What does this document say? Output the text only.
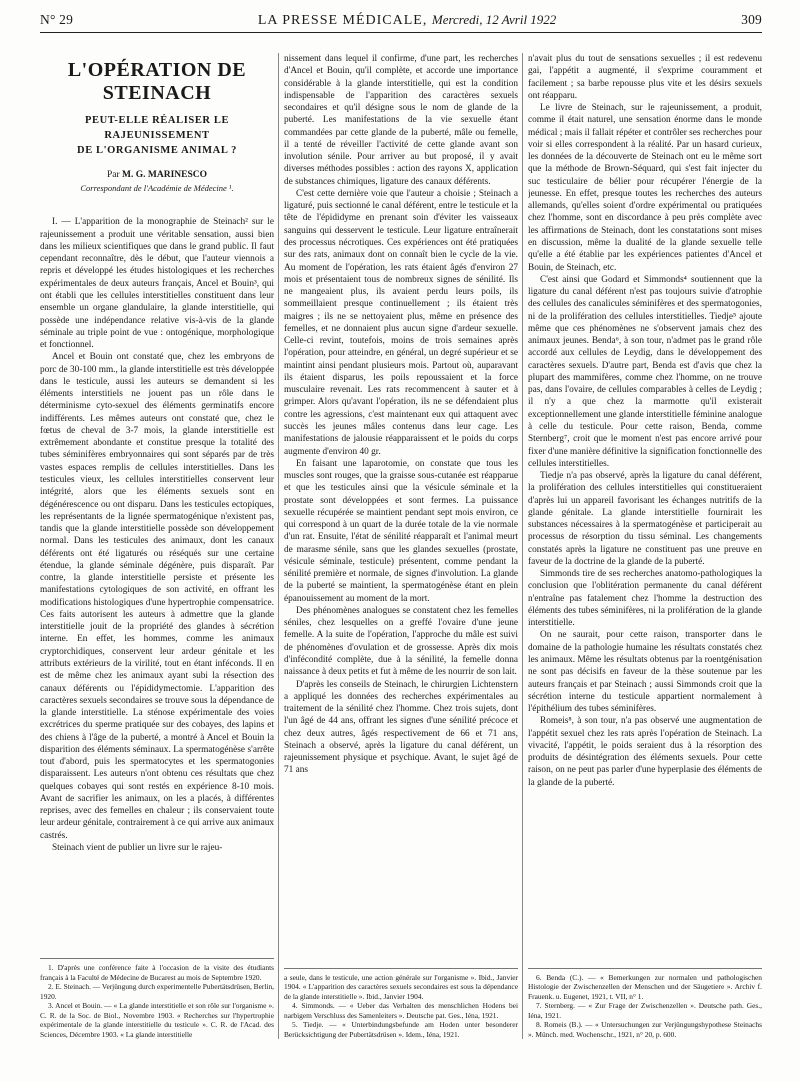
N° 29	LA PRESSE MÉDICALE, Mercredi, 12 Avril 1922	309
L'OPÉRATION DE STEINACH
PEUT-ELLE RÉALISER LE RAJEUNISSEMENT
DE L'ORGANISME ANIMAL ?
Par M. G. MARINESCO
Correspondant de l'Académie de Médecine ¹.

I. — L'apparition de la monographie de Steinach² sur le rajeunissement a produit une véritable sensation, aussi bien dans les milieux scientifiques que dans le grand public. Il faut cependant reconnaître, dès le début, que l'auteur viennois a repris et développé les études histologiques et les recherches expérimentales de deux auteurs français, Ancel et Bouin³, qui ont établi que les cellules interstitielles constituent dans leur ensemble un organe glandulaire, la glande interstitielle, qui possède une indépendance relative vis-à-vis de la glande séminale au triple point de vue : ontogénique, morphologique et fonctionnel.

Ancel et Bouin ont constaté que, chez les embryons de porc de 30-100 mm., la glande interstitielle est très développée dans le testicule, aussi les auteurs se demandent si les éléments interstitiels ne jouent pas un rôle dans le déterminisme cyto-sexuel des éléments germinatifs encore indifférents. Les mêmes auteurs ont constaté que, chez le fœtus de cheval de 3-7 mois, la glande interstitielle est extrêmement abondante et constitue presque la totalité des tubes séminifères embryonnaires qui sont séparés par de très vastes espaces remplis de cellules interstitielles. Dans les testicules vieux, les cellules interstitielles conservent leur intégrité, alors que les éléments sexuels sont en dégénérescence ou ont disparu. Dans les testicules ectopiques, les représentants de la lignée spermatogénique n'existent pas, tandis que la glande interstitielle possède son développement normal. Dans les testicules des animaux, dont les canaux déférents ont été ligaturés ou réséqués sur une certaine étendue, la glande séminale dégénère, puis disparaît. Par contre, la glande interstitielle persiste et présente les manifestations cytologiques de son activité, en offrant les modifications histologiques d'une hypertrophie compensatrice. Ces faits autorisent les auteurs à admettre que la glande interstitielle jouit de la propriété des glandes à sécrétion interne. En effet, les hommes, comme les animaux cryptorchidiques, conservent leur ardeur génitale et les attributs extérieurs de la virilité, tout en étant inféconds. Il en est de même chez les animaux ayant subi la résection des canaux déférents ou l'épididymectomie. L'apparition des caractères sexuels secondaires se trouve sous la dépendance de la glande interstitielle. La sténose expérimentale des voies excrétrices du sperme pratiquée sur des cobayes, des lapins et des chiens à l'âge de la puberté, a montré à Ancel et Bouin la disparition des éléments séminaux. La spermatogénèse s'arrête tout d'abord, puis les spermatocytes et les spermatogonies disparaissent. Les auteurs n'ont obtenu ces résultats que chez quelques cobayes qui sont restés en expérience 8-10 mois. Avant de sacrifier les animaux, on les a placés, à différentes reprises, avec des femelles en chaleur ; ils conservaient toute leur ardeur génitale, contrairement à ce qui arrive aux animaux castrés.

Steinach vient de publier un livre sur le rajeu-

1. D'après une conférence faite à l'occasion de la visite des étudiants français à la Faculté de Médecine de Bucarest au mois de Septembre 1920.

2. E. Steinach. — Verjüngung durch experimentelle Pubertätsdrüsen, Berlin, 1920.

3. Ancel et Bouin. — « La glande interstitielle et son rôle sur l'organisme ». C. R. de la Soc. de Biol., Novembre 1903. « Recherches sur l'hypertrophie expérimentale de la glande interstitielle du testicule ». C. R. de l'Acad. des Sciences, Décembre 1903. « La glande interstitielle

nissement dans lequel il confirme, d'une part, les recherches d'Ancel et Bouin, qu'il complète, et accorde une importance considérable à la glande interstitielle, qui est la condition indispensable de l'apparition des caractères sexuels secondaires et qu'il désigne sous le nom de glande de la puberté. Les manifestations de la vie sexuelle étant commandées par cette glande de la puberté, mâle ou femelle, il a tenté de réveiller l'activité de cette glande avant son involution sénile. Pour arriver au but proposé, il y avait diverses méthodes possibles : action des rayons X, application de substances chimiques, ligature des canaux déférents.

C'est cette dernière voie que l'auteur a choisie ; Steinach a ligaturé, puis sectionné le canal déférent, entre le testicule et la tête de l'épididyme en prenant soin d'éviter les vaisseaux sanguins qui desservent le testicule. Leur ligature entraînerait des processus nécrotiques. Ces expériences ont été pratiquées sur des rats, animaux dont on connaît bien le cycle de la vie. Au moment de l'opération, les rats étaient âgés d'environ 27 mois et présentaient tous de nombreux signes de sénilité. Ils ne mangeaient plus, ils avaient perdu leurs poils, ils sommeillaient presque continuellement ; ils étaient très maigres ; ils ne se nettoyaient plus, même en présence des femelles, et ne donnaient plus aucun signe d'ardeur sexuelle. Celle-ci revint, toutefois, moins de trois semaines après l'opération, pour atteindre, en général, un degré supérieur et se maintint ainsi pendant plusieurs mois. Partout où, auparavant ils étaient disparus, les poils repoussaient et la force musculaire revenait. Les rats recommencent à sauter et à grimper. Alors qu'avant l'opération, ils ne se défendaient plus contre les agressions, c'est maintenant eux qui attaquent avec succès les jeunes mâles contenus dans leur cage. Les manifestations de jalousie réapparaissent et le poids du corps augmente d'environ 40 gr.

En faisant une laparotomie, on constate que tous les muscles sont rouges, que la graisse sous-cutanée est réapparue et que les testicules ainsi que la vésicule séminale et la prostate sont développées et sont fermes. La puissance sexuelle récupérée se maintient pendant sept mois environ, ce qui correspond à un quart de la durée totale de la vie normale d'un rat. Ensuite, l'état de sénilité réapparaît et l'animal meurt de marasme sénile, sans que les glandes sexuelles (prostate, vésicule séminale, testicule) présentent, comme pendant la sénilité première et normale, de signes d'involution. La glande de la puberté se maintient, la spermatogénèse étant en plein épanouissement au moment de la mort.

Des phénomènes analogues se constatent chez les femelles séniles, chez lesquelles on a greffé l'ovaire d'une jeune femelle. A la suite de l'opération, l'approche du mâle est suivi de phénomènes d'ovulation et de grossesse. Après dix mois d'infécondité complète, due à la sénilité, la femelle donna naissance à deux petits et fut à même de les nourrir de son lait.

D'après les conseils de Steinach, le chirurgien Lichtenstern a appliqué les données des recherches expérimentales au traitement de la sénilité chez l'homme. Chez trois sujets, dont l'un âgé de 44 ans, offrant les signes d'une sénilité précoce et chez deux autres, âgés respectivement de 66 et 71 ans, Steinach a observé, après la ligature du canal déférent, un rajeunissement physique et psychique. Avant, le sujet âgé de 71 ans

a seule, dans le testicule, une action générale sur l'organisme ». Ibid., Janvier 1904. « L'apparition des caractères sexuels secondaires est sous la dépendance de la glande interstitielle ». Ibid., Janvier 1904.

4. Simmonds. — « Ueber das Verhalten des menschlichen Hodens bei narbigem Verschluss des Samenleiters ». Deutsche pat. Ges., Iéna, 1921.

5. Tiedje. — « Unterbindungsbefunde am Hoden unter besonderer Berücksichtigung der Pubertätsdrüsen ». Idem., Iéna, 1921.

n'avait plus du tout de sensations sexuelles ; il est redevenu gai, l'appétit a augmenté, il s'exprime couramment et facilement ; sa barbe repousse plus vite et les désirs sexuels ont réapparu.

Le livre de Steinach, sur le rajeunissement, a produit, comme il était naturel, une sensation énorme dans le monde médical ; mais il fallait répéter et contrôler ses recherches pour voir si elles correspondent à la réalité. Par un hasard curieux, les données de la découverte de Steinach ont eu le même sort que la méthode de Brown-Séquard, qui s'est fait injecter du suc testiculaire de bélier pour récupérer l'énergie de la jeunesse. En effet, presque toutes les recherches des auteurs allemands, qu'elles soient d'ordre expérimental ou pratiquées chez l'homme, sont en discordance à peu près complète avec les affirmations de Steinach, dont les constatations sont mises en discussion, même la dualité de la glande sexuelle telle qu'elle a été établie par les expériences patientes d'Ancel et Bouin, de Steinach, etc.

C'est ainsi que Godard et Simmonds⁴ soutiennent que la ligature du canal déférent n'est pas toujours suivie d'atrophie des cellules des canalicules séminifères et des spermatogonies, ni de la prolifération des cellules interstitielles. Tiedje⁵ ajoute même que ces phénomènes ne s'observent jamais chez des animaux jeunes. Benda⁶, à son tour, n'admet pas le grand rôle accordé aux cellules de Leydig, dans le développement des caractères sexuels. D'autre part, Benda est d'avis que chez la plupart des mammifères, comme chez l'homme, on ne trouve pas, dans l'ovaire, de cellules comparables à celles de Leydig ; il n'y a que chez la marmotte qu'il existerait exceptionnellement une glande interstitielle féminine analogue à celle du testicule. Pour cette raison, Benda, comme Sternberg⁷, croit que le moment n'est pas encore arrivé pour fixer d'une manière définitive la signification fonctionnelle des cellules interstitielles.

Tiedje n'a pas observé, après la ligature du canal déférent, la prolifération des cellules interstitielles qui constitueraient d'après lui un appareil favorisant les échanges nutritifs de la glande génitale. La glande interstitielle fournirait les substances nécessaires à la spermatogénèse et participerait au processus de résorption du tissu séminal. Les changements constatés après la ligature ne constituent pas une preuve en faveur de la doctrine de la glande de la puberté.

Simmonds tire de ses recherches anatomo-pathologiques la conclusion que l'oblitération permanente du canal déférent n'entraîne pas fatalement chez l'homme la destruction des éléments des tubes séminifères, ni la prolifération de la glande interstitielle.

On ne saurait, pour cette raison, transporter dans le domaine de la pathologie humaine les résultats constatés chez les animaux. Même les résultats obtenus par la roentgénisation ne sont pas décisifs en faveur de la thèse soutenue par les auteurs français et par Steinach ; aussi Simmonds croit que la sécrétion interne du testicule appartient normalement à l'épithélium des tubes séminifères.

Romeis⁸, à son tour, n'a pas observé une augmentation de l'appétit sexuel chez les rats après l'opération de Steinach. La vivacité, l'appétit, le poids seraient dus à la résorption des produits de désintégration des éléments sexuels. Pour cette raison, on ne peut pas parler d'une hyperplasie des éléments de la glande de la puberté.

6. Benda (C.). — « Bemerkungen zur normalen und pathologischen Histologie der Zwischenzellen der Menschen und der Säugetiere ». Archiv f. Frauenk. u. Eugenet, 1921, t. VII, n° 1.

7. Sternberg. — « Zur Frage der Zwischenzellen ». Deutsche path. Ges., Iéna, 1921.

8. Romeis (B.). — « Untersuchungen zur Verjüngungshypothese Steinachs ». Münch. med. Wochenschr., 1921, n° 20, p. 600.
